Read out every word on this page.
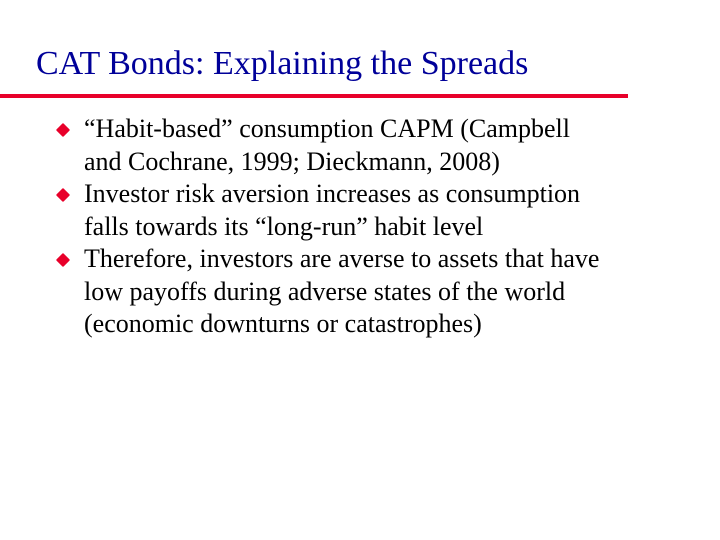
CAT Bonds: Explaining the Spreads
“Habit-based” consumption CAPM (Campbell
and Cochrane, 1999; Dieckmann, 2008)
Investor risk aversion increases as consumption
falls towards its “long-run” habit level
Therefore, investors are averse to assets that have
low payoffs during adverse states of the world
(economic downturns or catastrophes)
